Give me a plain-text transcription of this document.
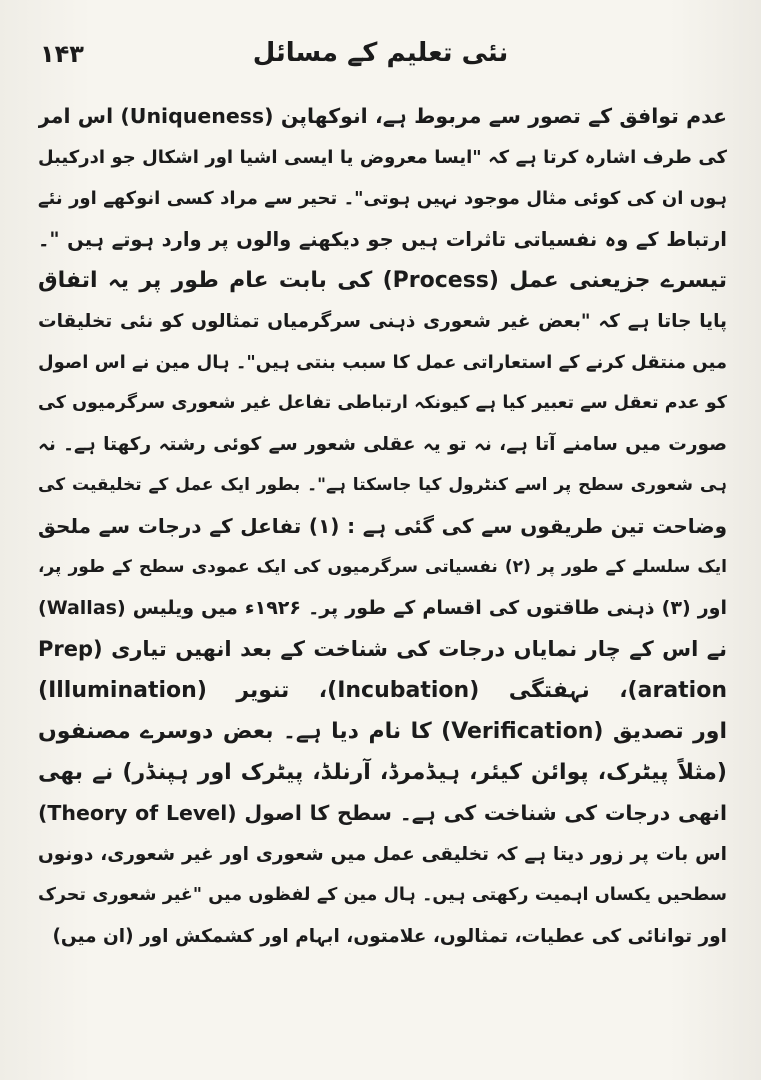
۱۴۳	نئی تعلیم کے مسائل
عدم توافق کے تصور سے مربوط ہے، انوکھاپن (Uniqueness) اس امر
کی طرف اشارہ کرتا ہے کہ "ایسا معروض یا ایسی اشیا اور اشکال جو ادرکیبل
ہوں ان کی کوئی مثال موجود نہیں ہوتی"۔ تحیر سے مراد کسی انوکھے اور نئے
ارتباط کے وہ نفسیاتی تاثرات ہیں جو دیکھنے والوں پر وارد ہوتے ہیں "۔
تیسرے جزیعنی عمل (Process) کی بابت عام طور پر یہ اتفاق
پایا جاتا ہے کہ "بعض غیر شعوری ذہنی سرگرمیاں تمثالوں کو نئی تخلیقات
میں منتقل کرنے کے استعاراتی عمل کا سبب بنتی ہیں"۔ ہال مین نے اس اصول
کو عدم تعقل سے تعبیر کیا ہے کیونکہ ارتباطی تفاعل غیر شعوری سرگرمیوں کی
صورت میں سامنے آتا ہے، نہ تو یہ عقلی شعور سے کوئی رشتہ رکھتا ہے۔ نہ
ہی شعوری سطح پر اسے کنٹرول کیا جاسکتا ہے"۔ بطور ایک عمل کے تخلیقیت کی
وضاحت تین طریقوں سے کی گئی ہے : (۱) تفاعل کے درجات سے ملحق
ایک سلسلے کے طور پر (۲) نفسیاتی سرگرمیوں کی ایک عمودی سطح کے طور پر،
اور (۳) ذہنی طاقتوں کی اقسام کے طور پر۔ ۱۹۲۶ء میں ویلیس (Wallas)
نے اس کے چار نمایاں درجات کی شناخت کے بعد انھیں تیاری (Prep
aration)، نہفتگی (Incubation)، تنویر (Illumination)
اور تصدیق (Verification) کا نام دیا ہے۔ بعض دوسرے مصنفوں
(مثلاً پیٹرک، پوائن کیئر، ہیڈمرڈ، آرنلڈ، پیٹرک اور ہپنڈر) نے بھی
انھی درجات کی شناخت کی ہے۔ سطح کا اصول (Theory of Level)
اس بات پر زور دیتا ہے کہ تخلیقی عمل میں شعوری اور غیر شعوری، دونوں
سطحیں یکساں اہمیت رکھتی ہیں۔ ہال مین کے لفظوں میں "غیر شعوری تحرک
اور توانائی کی عطیات، تمثالوں، علامتوں، ابہام اور کشمکش اور (ان میں)
